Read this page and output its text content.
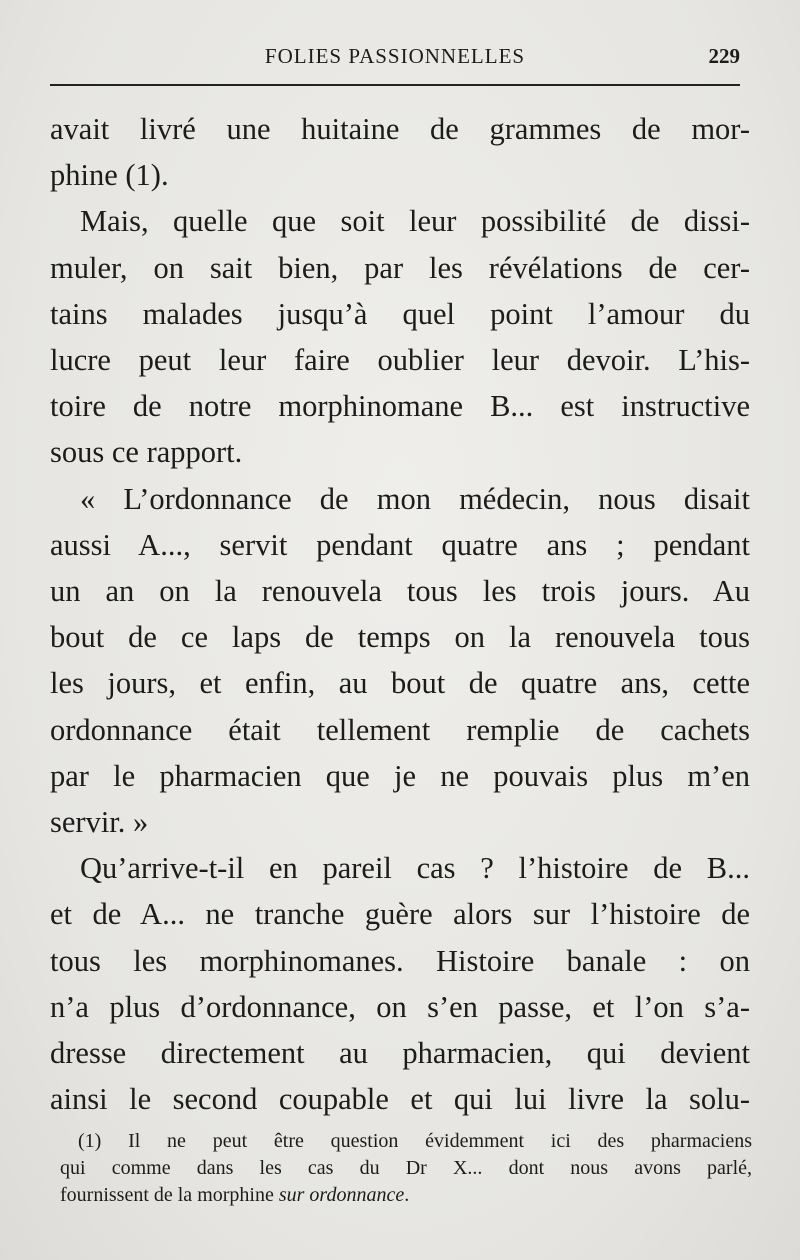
FOLIES PASSIONNELLES	229
avait livré une huitaine de grammes de mor-
phine (1).
Mais, quelle que soit leur possibilité de dissi-
muler, on sait bien, par les révélations de cer-
tains malades jusqu’à quel point l’amour du
lucre peut leur faire oublier leur devoir. L’his-
toire de notre morphinomane B... est instructive
sous ce rapport.
« L’ordonnance de mon médecin, nous disait
aussi A..., servit pendant quatre ans ; pendant
un an on la renouvela tous les trois jours. Au
bout de ce laps de temps on la renouvela tous
les jours, et enfin, au bout de quatre ans, cette
ordonnance était tellement remplie de cachets
par le pharmacien que je ne pouvais plus m’en
servir. »
Qu’arrive-t-il en pareil cas ? l’histoire de B...
et de A... ne tranche guère alors sur l’histoire de
tous les morphinomanes. Histoire banale : on
n’a plus d’ordonnance, on s’en passe, et l’on s’a-
dresse directement au pharmacien, qui devient
ainsi le second coupable et qui lui livre la solu-
(1) Il ne peut être question évidemment ici des pharmaciens
qui comme dans les cas du Dr X... dont nous avons parlé,
fournissent de la morphine sur ordonnance.
